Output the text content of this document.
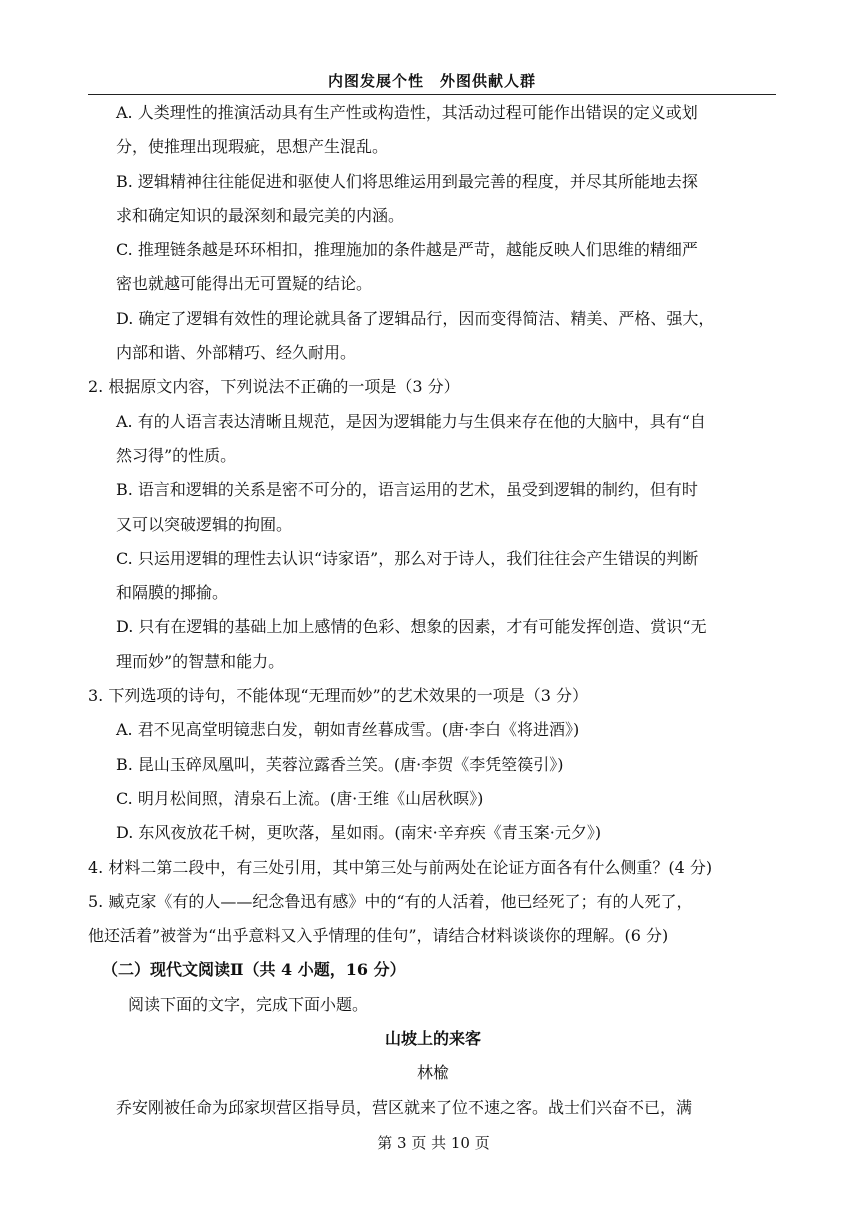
内图发展个性　外图供献人群
A. 人类理性的推演活动具有生产性或构造性，其活动过程可能作出错误的定义或划
分，使推理出现瑕疵，思想产生混乱。
B. 逻辑精神往往能促进和驱使人们将思维运用到最完善的程度，并尽其所能地去探
求和确定知识的最深刻和最完美的内涵。
C. 推理链条越是环环相扣，推理施加的条件越是严苛，越能反映人们思维的精细严
密也就越可能得出无可置疑的结论。
D. 确定了逻辑有效性的理论就具备了逻辑品行，因而变得简洁、精美、严格、强大，
内部和谐、外部精巧、经久耐用。
2. 根据原文内容，下列说法不正确的一项是（3 分）
A. 有的人语言表达清晰且规范，是因为逻辑能力与生俱来存在他的大脑中，具有“自
然习得”的性质。
B. 语言和逻辑的关系是密不可分的，语言运用的艺术，虽受到逻辑的制约，但有时
又可以突破逻辑的拘囿。
C. 只运用逻辑的理性去认识“诗家语”，那么对于诗人，我们往往会产生错误的判断
和隔膜的揶揄。
D. 只有在逻辑的基础上加上感情的色彩、想象的因素，才有可能发挥创造、赏识“无
理而妙”的智慧和能力。
3. 下列选项的诗句，不能体现“无理而妙”的艺术效果的一项是（3 分）
A. 君不见高堂明镜悲白发，朝如青丝暮成雪。(唐·李白《将进酒》)
B. 昆山玉碎凤凰叫，芙蓉泣露香兰笑。(唐·李贺《李凭箜篌引》)
C. 明月松间照，清泉石上流。(唐·王维《山居秋暝》)
D. 东风夜放花千树，更吹落，星如雨。(南宋·辛弃疾《青玉案·元夕》)
4. 材料二第二段中，有三处引用，其中第三处与前两处在论证方面各有什么侧重？(4 分)
5. 臧克家《有的人——纪念鲁迅有感》中的“有的人活着，他已经死了；有的人死了，
他还活着”被誉为“出乎意料又入乎情理的佳句”，请结合材料谈谈你的理解。(6 分)
（二）现代文阅读Ⅱ（共 4 小题，16 分）
阅读下面的文字，完成下面小题。
山坡上的来客
林楡
乔安刚被任命为邱家坝营区指导员，营区就来了位不速之客。战士们兴奋不已，满
第 3 页 共 10 页
